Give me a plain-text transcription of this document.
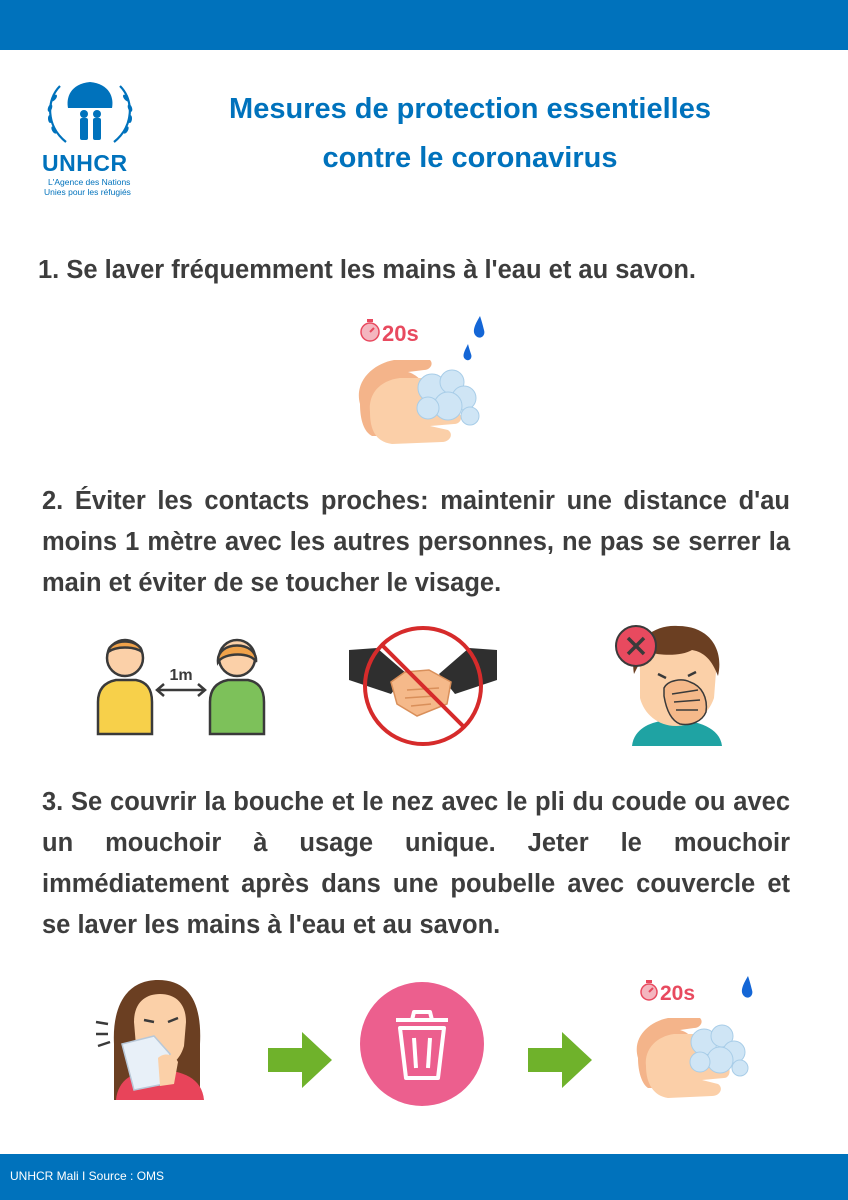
UNHCR
L'Agence des Nations
Unies pour les réfugiés
Mesures de protection essentielles
contre le coronavirus
1. Se laver fréquemment les mains à l'eau et au savon.
20s
2. Éviter les contacts proches: maintenir une distance d'au moins 1 mètre avec les autres personnes, ne pas se serrer la main et éviter de se toucher le visage.
1m
3. Se couvrir la bouche et le nez avec le pli du coude ou avec un mouchoir à usage unique. Jeter le mouchoir immédiatement après dans une poubelle avec couvercle et se laver les mains à l'eau et au savon.
20s
UNHCR Mali I Source : OMS
